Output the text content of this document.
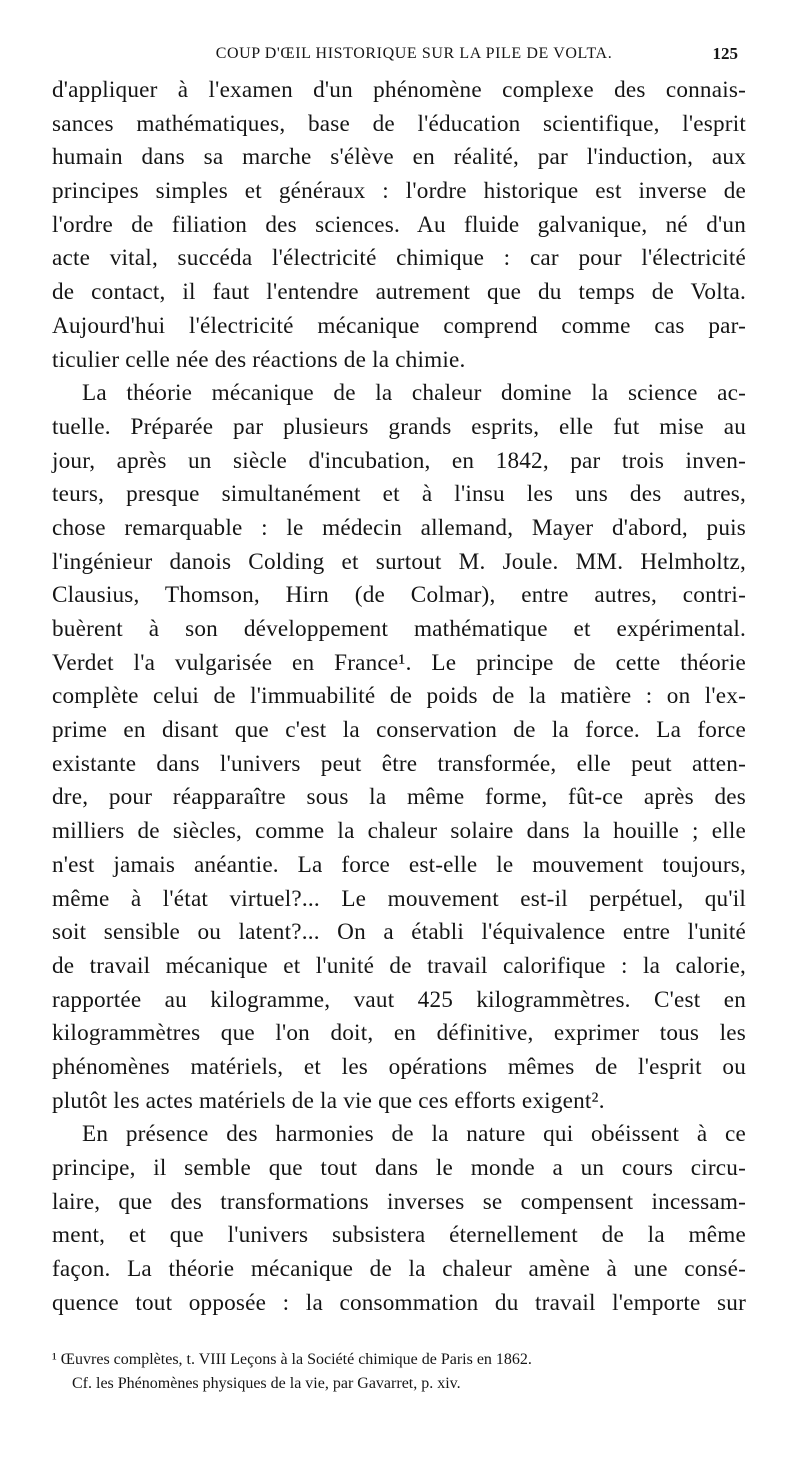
COUP D'ŒIL HISTORIQUE SUR LA PILE DE VOLTA.	125
d'appliquer à l'examen d'un phénomène complexe des connais-
sances mathématiques, base de l'éducation scientifique, l'esprit
humain dans sa marche s'élève en réalité, par l'induction, aux
principes simples et généraux : l'ordre historique est inverse de
l'ordre de filiation des sciences. Au fluide galvanique, né d'un
acte vital, succéda l'électricité chimique : car pour l'électricité
de contact, il faut l'entendre autrement que du temps de Volta.
Aujourd'hui l'électricité mécanique comprend comme cas par-
ticulier celle née des réactions de la chimie.
La théorie mécanique de la chaleur domine la science ac-
tuelle. Préparée par plusieurs grands esprits, elle fut mise au
jour, après un siècle d'incubation, en 1842, par trois inven-
teurs, presque simultanément et à l'insu les uns des autres,
chose remarquable : le médecin allemand, Mayer d'abord, puis
l'ingénieur danois Colding et surtout M. Joule. MM. Helmholtz,
Clausius, Thomson, Hirn (de Colmar), entre autres, contri-
buèrent à son développement mathématique et expérimental.
Verdet l'a vulgarisée en France¹. Le principe de cette théorie
complète celui de l'immuabilité de poids de la matière : on l'ex-
prime en disant que c'est la conservation de la force. La force
existante dans l'univers peut être transformée, elle peut atten-
dre, pour réapparaître sous la même forme, fût-ce après des
milliers de siècles, comme la chaleur solaire dans la houille ; elle
n'est jamais anéantie. La force est-elle le mouvement toujours,
même à l'état virtuel?... Le mouvement est-il perpétuel, qu'il
soit sensible ou latent?... On a établi l'équivalence entre l'unité
de travail mécanique et l'unité de travail calorifique : la calorie,
rapportée au kilogramme, vaut 425 kilogrammètres. C'est en
kilogrammètres que l'on doit, en définitive, exprimer tous les
phénomènes matériels, et les opérations mêmes de l'esprit ou
plutôt les actes matériels de la vie que ces efforts exigent².
En présence des harmonies de la nature qui obéissent à ce
principe, il semble que tout dans le monde a un cours circu-
laire, que des transformations inverses se compensent incessam-
ment, et que l'univers subsistera éternellement de la même
façon. La théorie mécanique de la chaleur amène à une consé-
quence tout opposée : la consommation du travail l'emporte sur
¹ Œuvres complètes, t. VIII Leçons à la Société chimique de Paris en 1862.
Cf. les Phénomènes physiques de la vie, par Gavarret, p. xiv.
